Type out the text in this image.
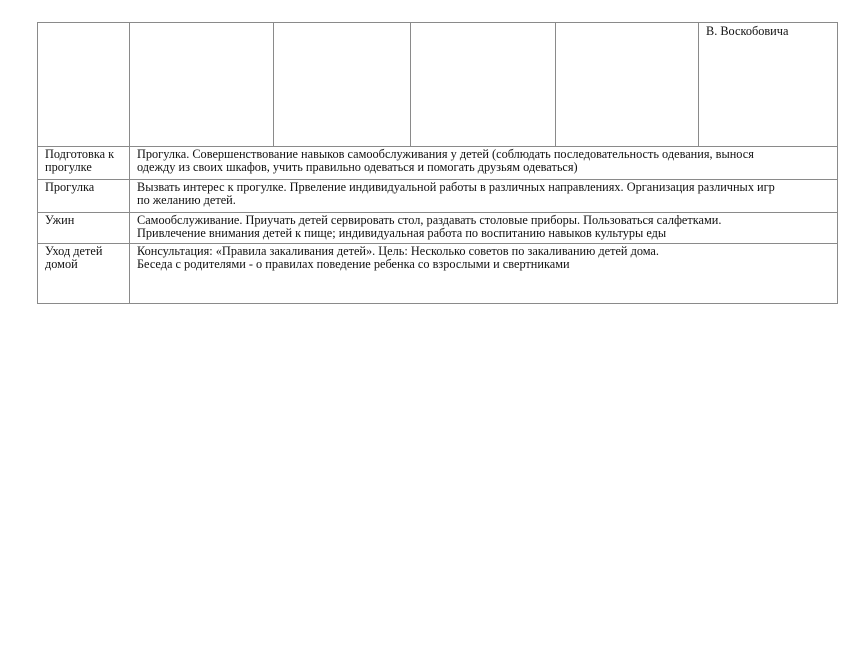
					В. Воскобовича

Подготовка к
прогулке	Прогулка. Совершенствование навыков самообслуживания у детей (соблюдать последовательность одевания, вынося
одежду из своих шкафов, учить правильно одеваться и помогать друзьям одеваться)				

Прогулка	Вызвать интерес к прогулке. Првеление индивидуальной работы в различных направлениях. Организация различных игр
по желанию детей.				

Ужин	Самообслуживание. Приучать детей сервировать стол, раздавать столовые приборы. Пользоваться салфетками.
Привлечение внимания детей к пище; индивидуальная работа по воспитанию навыков культуры еды				

Уход детей
домой	Консультация: «Правила закаливания детей». Цель: Несколько советов по закаливанию детей дома.
Беседа с родителями - о правилах поведение ребенка со взрослыми и свертниками				
